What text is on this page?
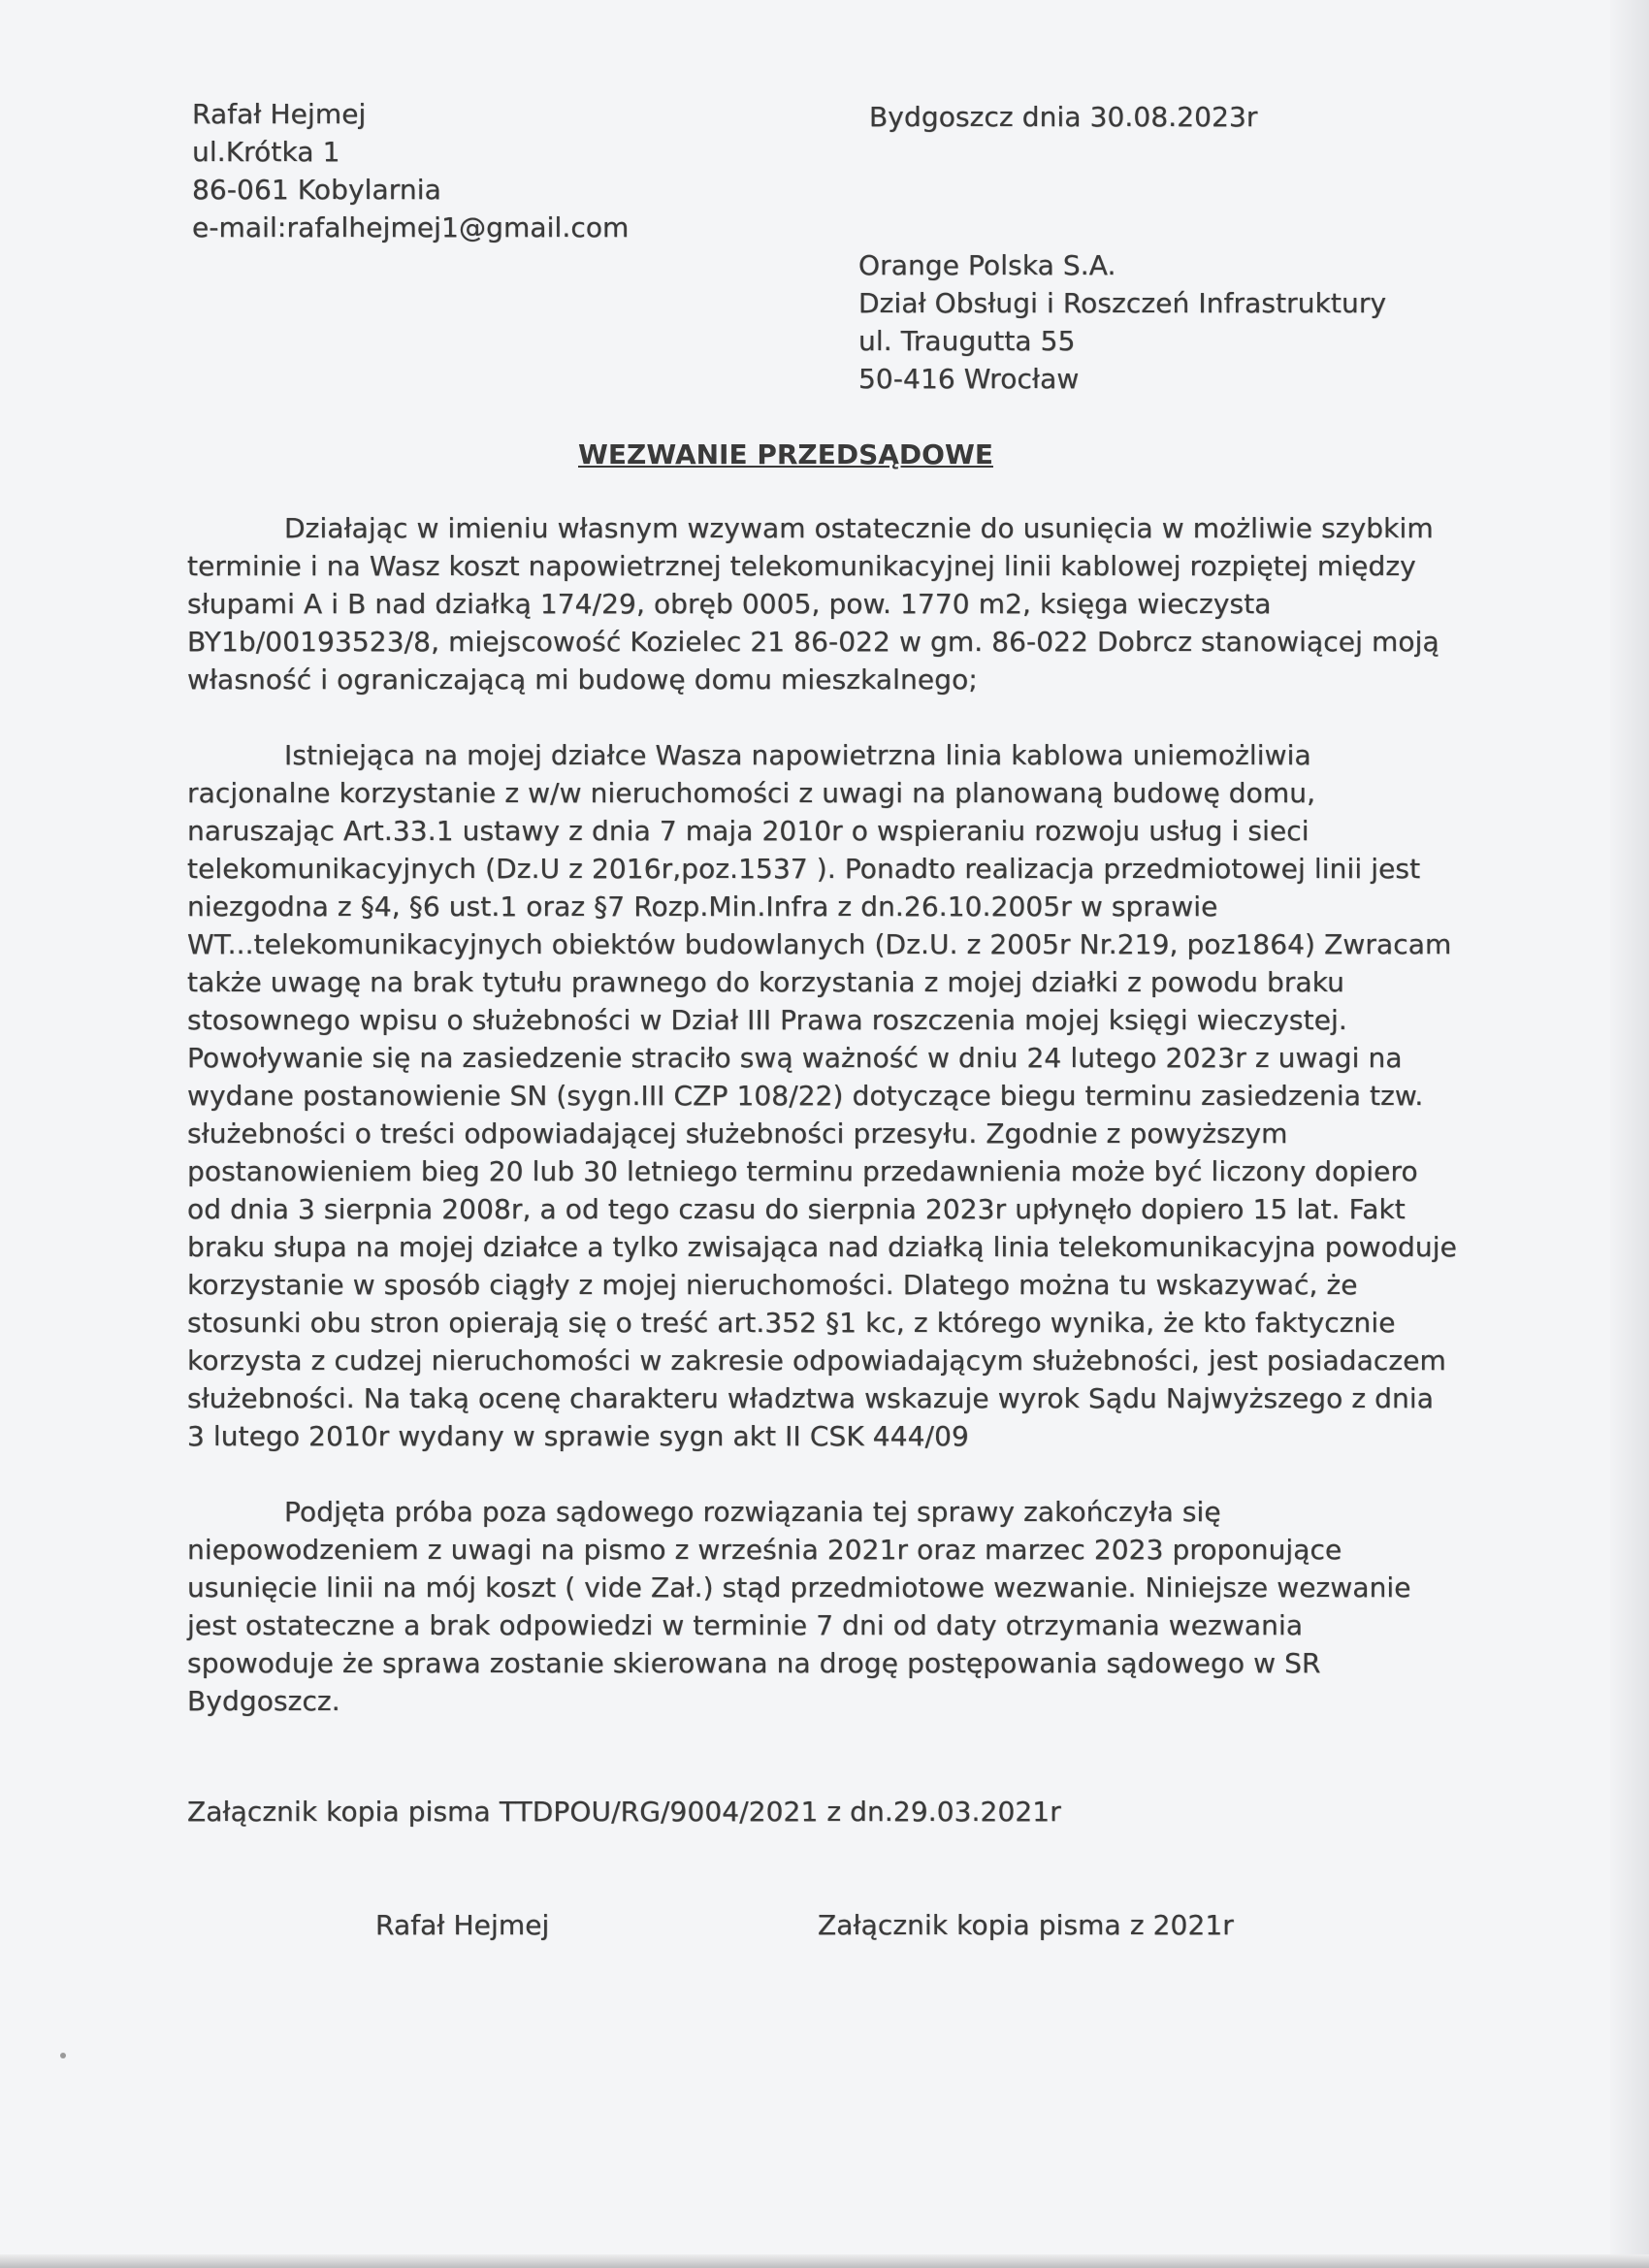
Rafał Hejmej
ul.Krótka 1
86-061 Kobylarnia
e-mail:rafalhejmej1@gmail.com
Bydgoszcz dnia 30.08.2023r
Orange Polska S.A.
Dział Obsługi i Roszczeń Infrastruktury
ul. Traugutta 55
50-416 Wrocław
WEZWANIE PRZEDSĄDOWE

Działając w imieniu własnym wzywam ostatecznie do usunięcia w możliwie szybkim terminie i na Wasz koszt napowietrznej telekomunikacyjnej linii kablowej rozpiętej między słupami A i B nad działką 174/29, obręb 0005, pow. 1770 m2, księga wieczysta BY1b/00193523/8, miejscowość Kozielec 21 86-022 w gm. 86-022 Dobrcz stanowiącej moją własność i ograniczającą mi budowę domu mieszkalnego;

Istniejąca na mojej działce Wasza napowietrzna linia kablowa uniemożliwia racjonalne korzystanie z w/w nieruchomości z uwagi na planowaną budowę domu, naruszając Art.33.1 ustawy z dnia 7 maja 2010r o wspieraniu rozwoju usług i sieci telekomunikacyjnych (Dz.U z 2016r,poz.1537 ). Ponadto realizacja przedmiotowej linii jest niezgodna z §4, §6 ust.1 oraz §7 Rozp.Min.Infra z dn.26.10.2005r w sprawie WT...telekomunikacyjnych obiektów budowlanych (Dz.U. z 2005r Nr.219, poz1864) Zwracam także uwagę na brak tytułu prawnego do korzystania z mojej działki z powodu braku stosownego wpisu o służebności w Dział III Prawa roszczenia mojej księgi wieczystej. Powoływanie się na zasiedzenie straciło swą ważność w dniu 24 lutego 2023r z uwagi na wydane postanowienie SN (sygn.III CZP 108/22) dotyczące biegu terminu zasiedzenia tzw. służebności o treści odpowiadającej służebności przesyłu. Zgodnie z powyższym postanowieniem bieg 20 lub 30 letniego terminu przedawnienia może być liczony dopiero od dnia 3 sierpnia 2008r, a od tego czasu do sierpnia 2023r upłynęło dopiero 15 lat. Fakt braku słupa na mojej działce a tylko zwisająca nad działką linia telekomunikacyjna powoduje korzystanie w sposób ciągły z mojej nieruchomości. Dlatego można tu wskazywać, że stosunki obu stron opierają się o treść art.352 §1 kc, z którego wynika, że kto faktycznie korzysta z cudzej nieruchomości w zakresie odpowiadającym służebności, jest posiadaczem służebności. Na taką ocenę charakteru władztwa wskazuje wyrok Sądu Najwyższego z dnia 3 lutego 2010r wydany w sprawie sygn akt II CSK 444/09

Podjęta próba poza sądowego rozwiązania tej sprawy zakończyła się niepowodzeniem z uwagi na pismo z września 2021r oraz marzec 2023 proponujące usunięcie linii na mój koszt ( vide Zał.) stąd przedmiotowe wezwanie. Niniejsze wezwanie jest ostateczne a brak odpowiedzi w terminie 7 dni od daty otrzymania wezwania spowoduje że sprawa zostanie skierowana na drogę postępowania sądowego w SR Bydgoszcz.

Załącznik kopia pisma TTDPOU/RG/9004/2021 z dn.29.03.2021r
Rafał Hejmej	Załącznik kopia pisma z 2021r
